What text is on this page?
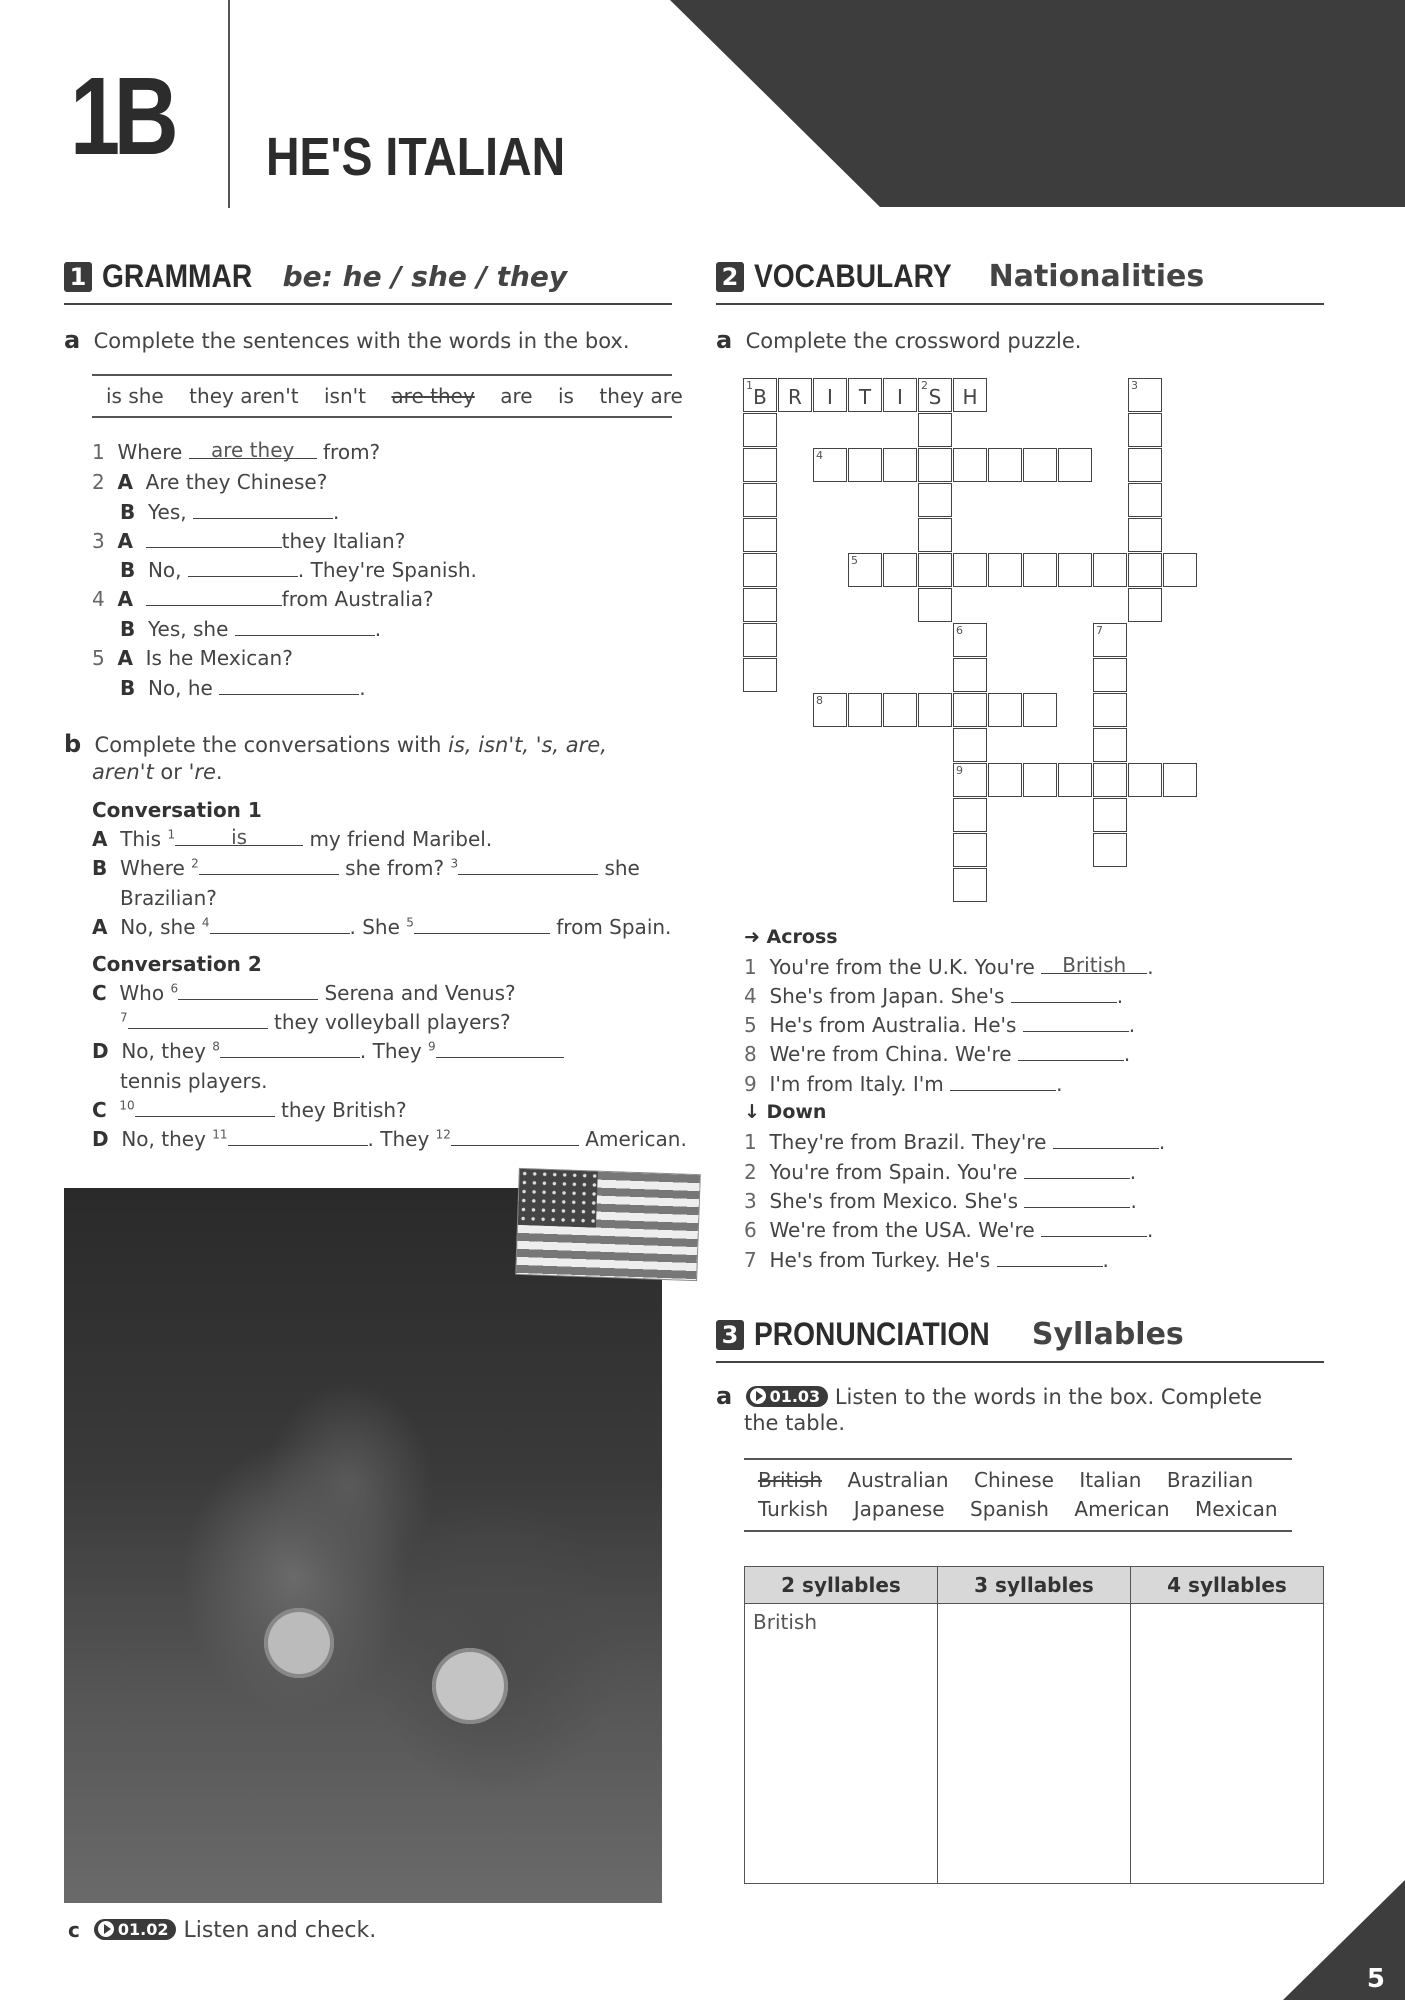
1B HE'S ITALIAN
1 GRAMMAR be: he / she / they
a Complete the sentences with the words in the box.
is she they aren't isn't are they are is they are
1 Where are they from?
2 A Are they Chinese?
B Yes,	.
3 A	they Italian?
B No,	. They're Spanish.
4 A	from Australia?
B Yes, she	.
5 A Is he Mexican?
B No, he	.
b Complete the conversations with is, isn't, 's, are,
aren't or 're.
Conversation 1
A This $^1$	is	my friend Maribel.
B Where $^2$	she from? $^3$	she
Brazilian?
A No, she $^4$	. She $^5$	from Spain.
Conversation 2
C Who $^6$	Serena and Venus?
$^7$	they volleyball players?
D No, they $^8$	. They $^9$
tennis players.
C $^{10}$	they British?
D No, they $^{11}$	. They $^{12}$	American.
c 01.02 Listen and check.
2 VOCABULARY Nationalities
a Complete the crossword puzzle.
1 B	R	I	T	I	2 S	H	3
4
5
6
9
7
8
➜ Across
1 You're from the U.K. You're British .
4 She's from Japan. She's	.
5 He's from Australia. He's	.
8 We're from China. We're	.
9 I'm from Italy. I'm	.
↓ Down
1 They're from Brazil. They're	.
2 You're from Spain. You're	.
3 She's from Mexico. She's	.
6 We're from the USA. We're	.
7 He's from Turkey. He's	.
3 PRONUNCIATION Syllables
a 01.03 Listen to the words in the box. Complete
the table.
British Australian Chinese Italian Brazilian
Turkish Japanese Spanish American Mexican
2 syllables	3 syllables	4 syllables
British		
5
